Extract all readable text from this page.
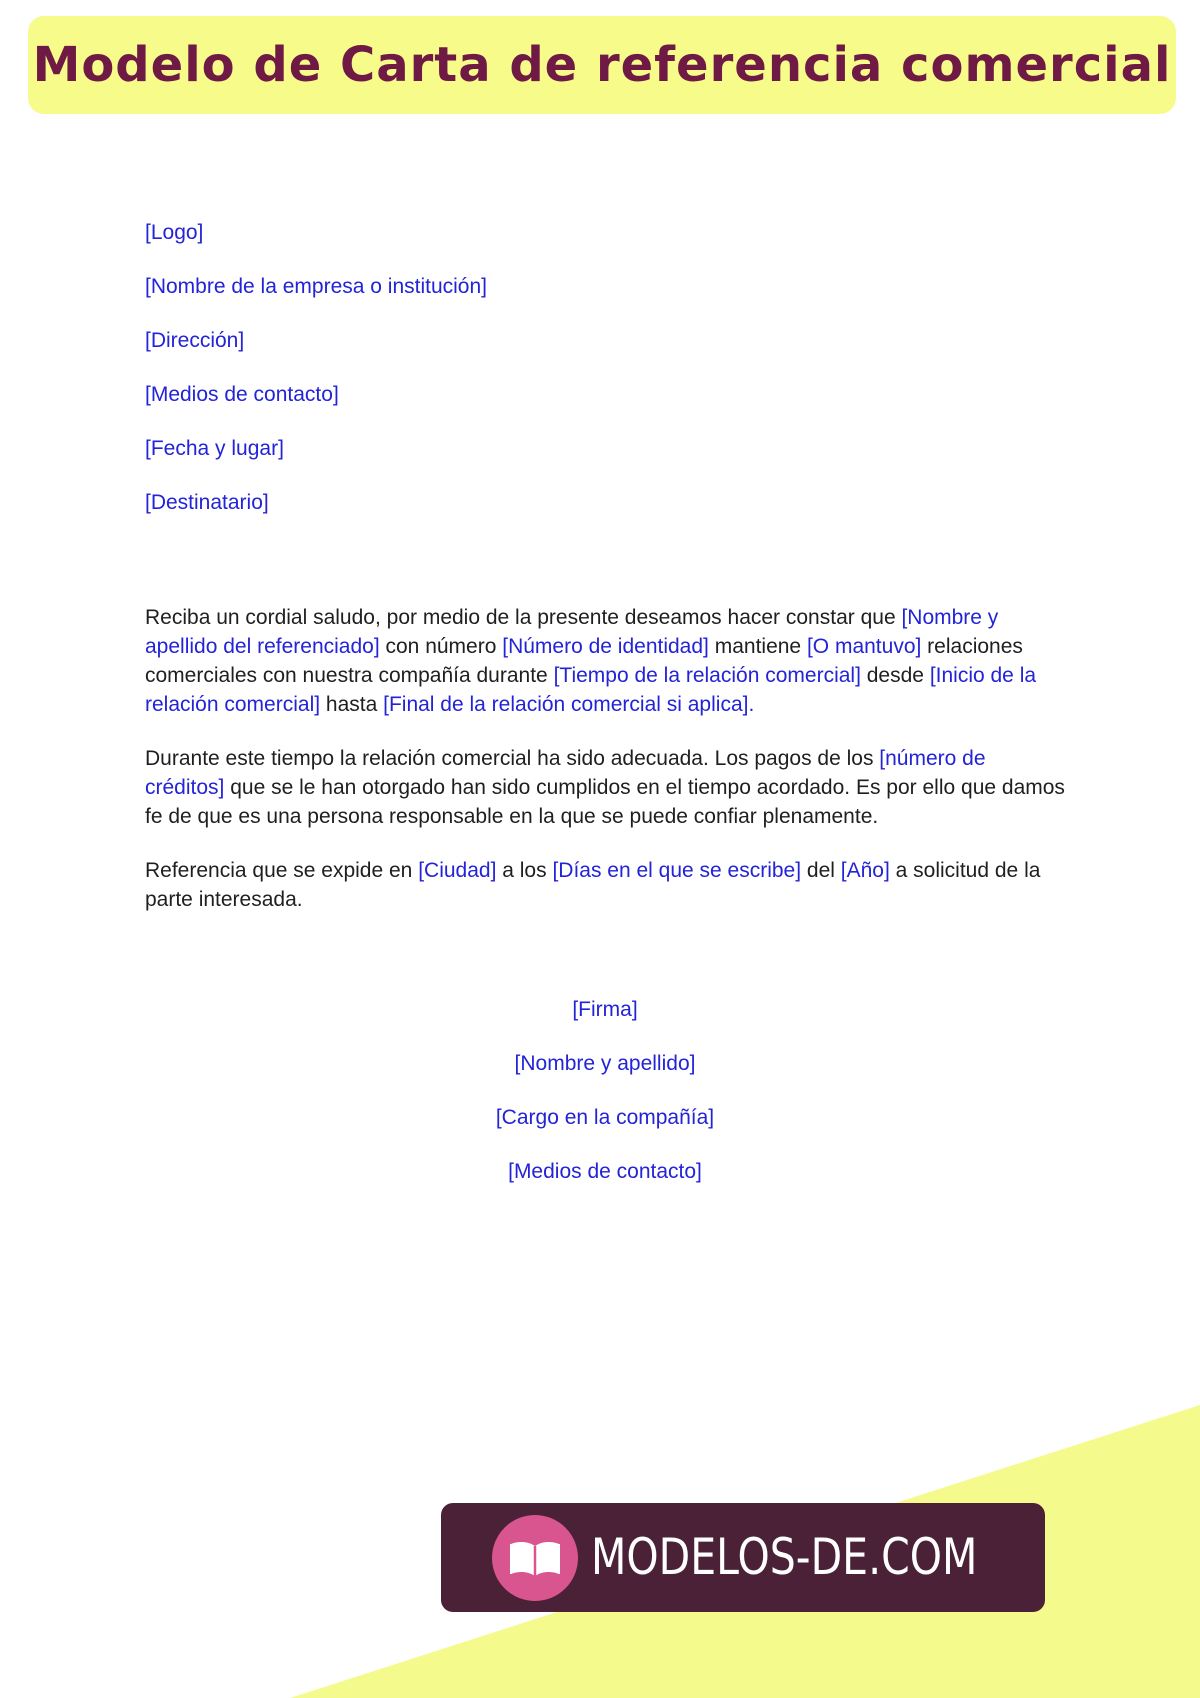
Modelo de Carta de referencia comercial
[Logo]
[Nombre de la empresa o institución]
[Dirección]
[Medios de contacto]
[Fecha y lugar]
[Destinatario]

Reciba un cordial saludo, por medio de la presente deseamos hacer constar que [Nombre y apellido del referenciado] con número [Número de identidad] mantiene [O mantuvo] relaciones comerciales con nuestra compañía durante [Tiempo de la relación comercial] desde [Inicio de la relación comercial] hasta [Final de la relación comercial si aplica].

Durante este tiempo la relación comercial ha sido adecuada. Los pagos de los [número de créditos] que se le han otorgado han sido cumplidos en el tiempo acordado. Es por ello que damos fe de que es una persona responsable en la que se puede confiar plenamente.

Referencia que se expide en [Ciudad] a los [Días en el que se escribe] del [Año] a solicitud de la parte interesada.

[Firma]
[Nombre y apellido]
[Cargo en la compañía]
[Medios de contacto]
MODELOS-DE.COM
